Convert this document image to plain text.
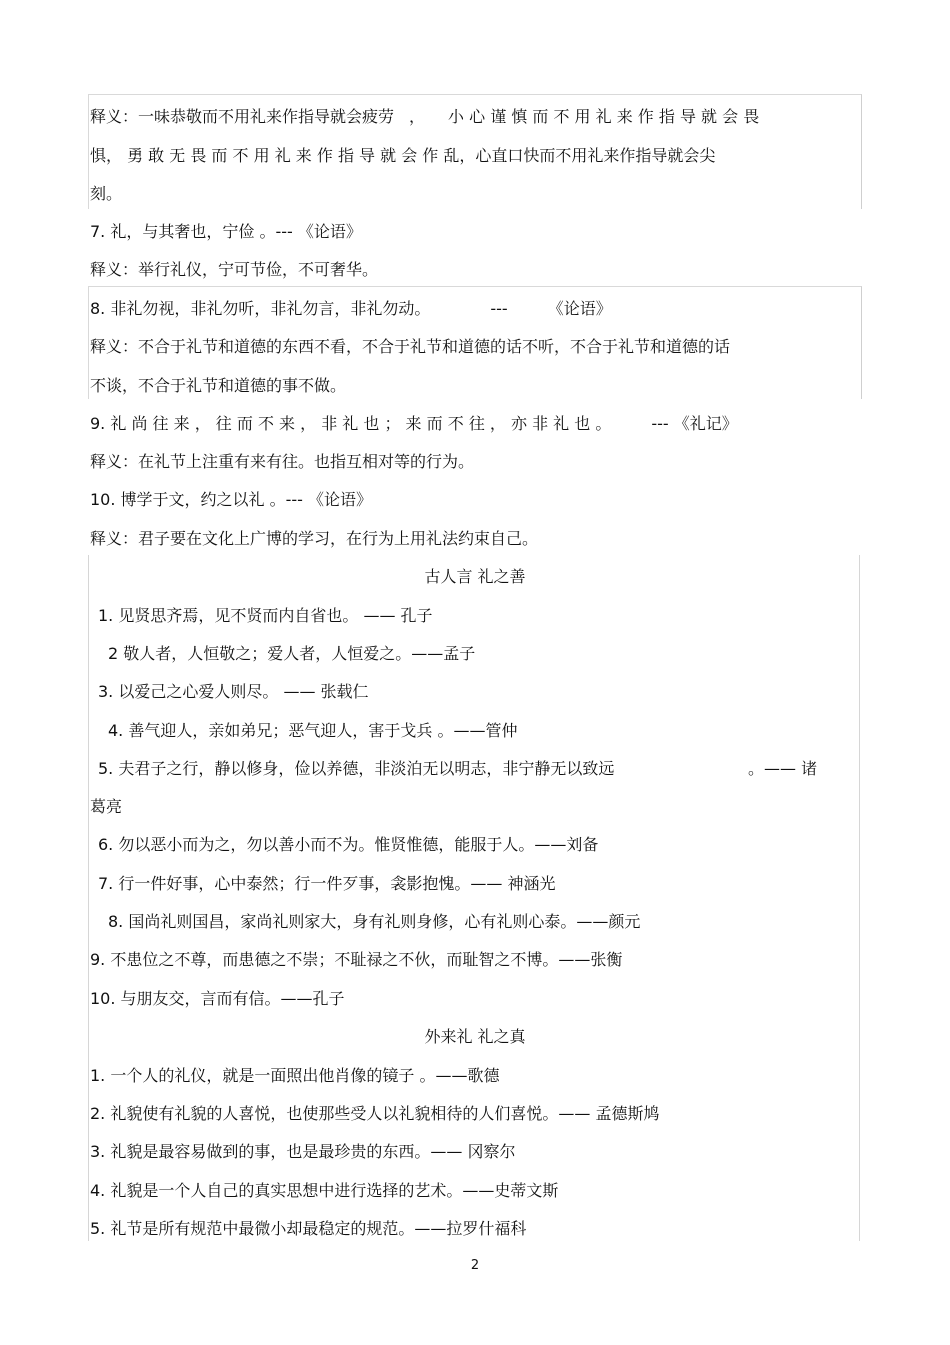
释义：一味恭敬而不用礼来作指导就会疲劳 ， 小 心 谨 慎 而 不 用 礼 来 作 指 导 就 会 畏
惧， 勇 敢 无 畏 而 不 用 礼 来 作 指 导 就 会 作 乱，心直口快而不用礼来作指导就会尖
刻。
7. 礼，与其奢也，宁俭 。--- 《论语》
释义：举行礼仪，宁可节俭，不可奢华。
8. 非礼勿视，非礼勿听，非礼勿言，非礼勿动。	---	《论语》
释义：不合于礼节和道德的东西不看，不合于礼节和道德的话不听，不合于礼节和道德的话
不谈，不合于礼节和道德的事不做。
9. 礼 尚 往 来 ， 往 而 不 来 ， 非 礼 也 ； 来 而 不 往 ， 亦 非 礼 也 。	--- 《礼记》
释义：在礼节上注重有来有往。也指互相对等的行为。
10. 博学于文，约之以礼 。--- 《论语》
释义：君子要在文化上广博的学习，在行为上用礼法约束自己。
古人言 礼之善
1. 见贤思齐焉，见不贤而内自省也。 —— 孔子
2 敬人者，人恒敬之；爱人者，人恒爱之。——孟子
3. 以爱己之心爱人则尽。 —— 张载仁
4. 善气迎人，亲如弟兄；恶气迎人，害于戈兵 。——管仲
5. 夫君子之行，静以修身，俭以养德，非淡泊无以明志，非宁静无以致远	。—— 诸
葛亮
6. 勿以恶小而为之，勿以善小而不为。惟贤惟德，能服于人。——刘备
7. 行一件好事，心中泰然；行一件歹事，衾影抱愧。—— 神涵光
8. 国尚礼则国昌，家尚礼则家大，身有礼则身修，心有礼则心泰。——颜元
9. 不患位之不尊，而患德之不崇；不耻禄之不伙，而耻智之不博。——张衡
10. 与朋友交，言而有信。——孔子
外来礼 礼之真
1. 一个人的礼仪，就是一面照出他肖像的镜子 。——歌德
2. 礼貌使有礼貌的人喜悦，也使那些受人以礼貌相待的人们喜悦。—— 孟德斯鸠
3. 礼貌是最容易做到的事，也是最珍贵的东西。—— 冈察尔
4. 礼貌是一个人自己的真实思想中进行选择的艺术。——史蒂文斯
5. 礼节是所有规范中最微小却最稳定的规范。——拉罗什福科
2
